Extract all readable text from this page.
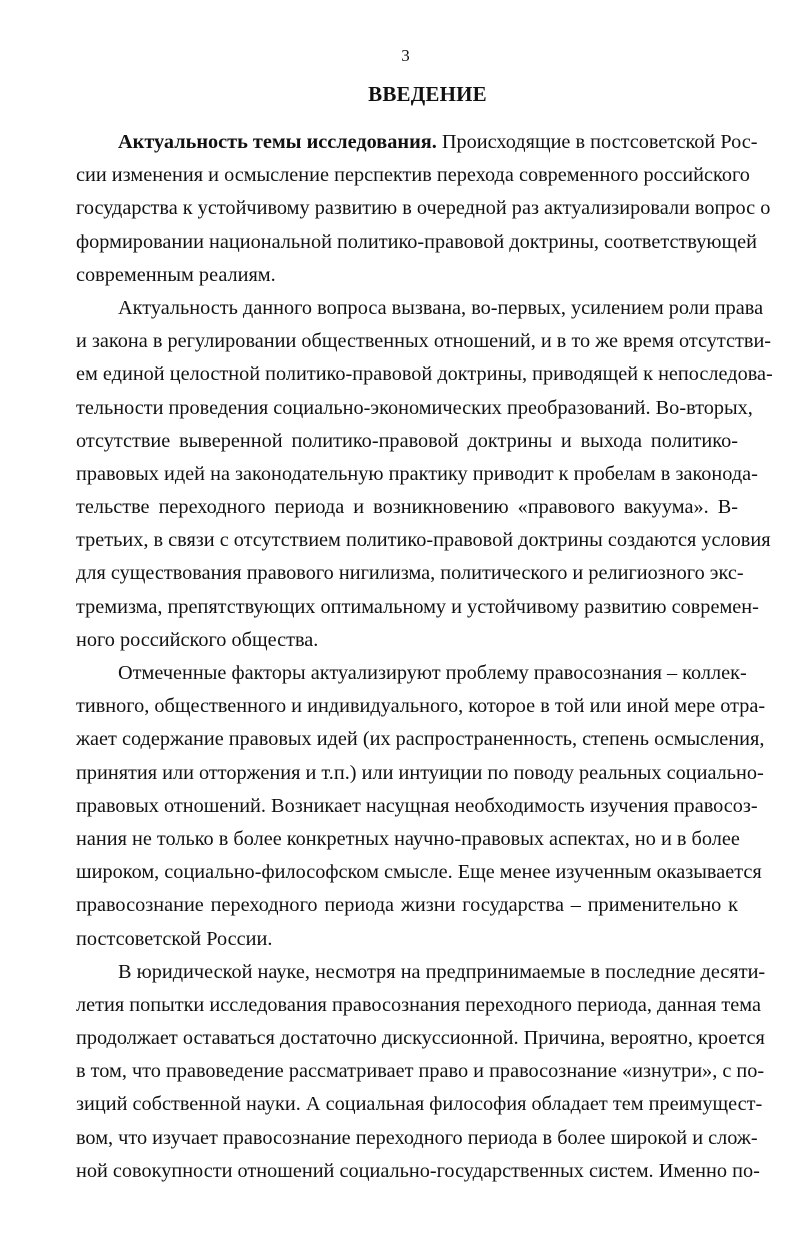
3
ВВЕДЕНИЕ
Актуальность темы исследования. Происходящие в постсоветской Рос-
сии изменения и осмысление перспектив перехода современного российского
государства к устойчивому развитию в очередной раз актуализировали вопрос о
формировании национальной политико-правовой доктрины, соответствующей
современным реалиям.
Актуальность данного вопроса вызвана, во-первых, усилением роли права
и закона в регулировании общественных отношений, и в то же время отсутстви-
ем единой целостной политико-правовой доктрины, приводящей к непоследова-
тельности проведения социально-экономических преобразований. Во-вторых,
отсутствие выверенной политико-правовой доктрины и выхода политико-
правовых идей на законодательную практику приводит к пробелам в законода-
тельстве переходного периода и возникновению «правового вакуума». В-
третьих, в связи с отсутствием политико-правовой доктрины создаются условия
для существования правового нигилизма, политического и религиозного экс-
тремизма, препятствующих оптимальному и устойчивому развитию современ-
ного российского общества.
Отмеченные факторы актуализируют проблему правосознания – коллек-
тивного, общественного и индивидуального, которое в той или иной мере отра-
жает содержание правовых идей (их распространенность, степень осмысления,
принятия или отторжения и т.п.) или интуиции по поводу реальных социально-
правовых отношений. Возникает насущная необходимость изучения правосоз-
нания не только в более конкретных научно-правовых аспектах, но и в более
широком, социально-философском смысле. Еще менее изученным оказывается
правосознание переходного периода жизни государства – применительно к
постсоветской России.
В юридической науке, несмотря на предпринимаемые в последние десяти-
летия попытки исследования правосознания переходного периода, данная тема
продолжает оставаться достаточно дискуссионной. Причина, вероятно, кроется
в том, что правоведение рассматривает право и правосознание «изнутри», с по-
зиций собственной науки. А социальная философия обладает тем преимущест-
вом, что изучает правосознание переходного периода в более широкой и слож-
ной совокупности отношений социально-государственных систем. Именно по-
